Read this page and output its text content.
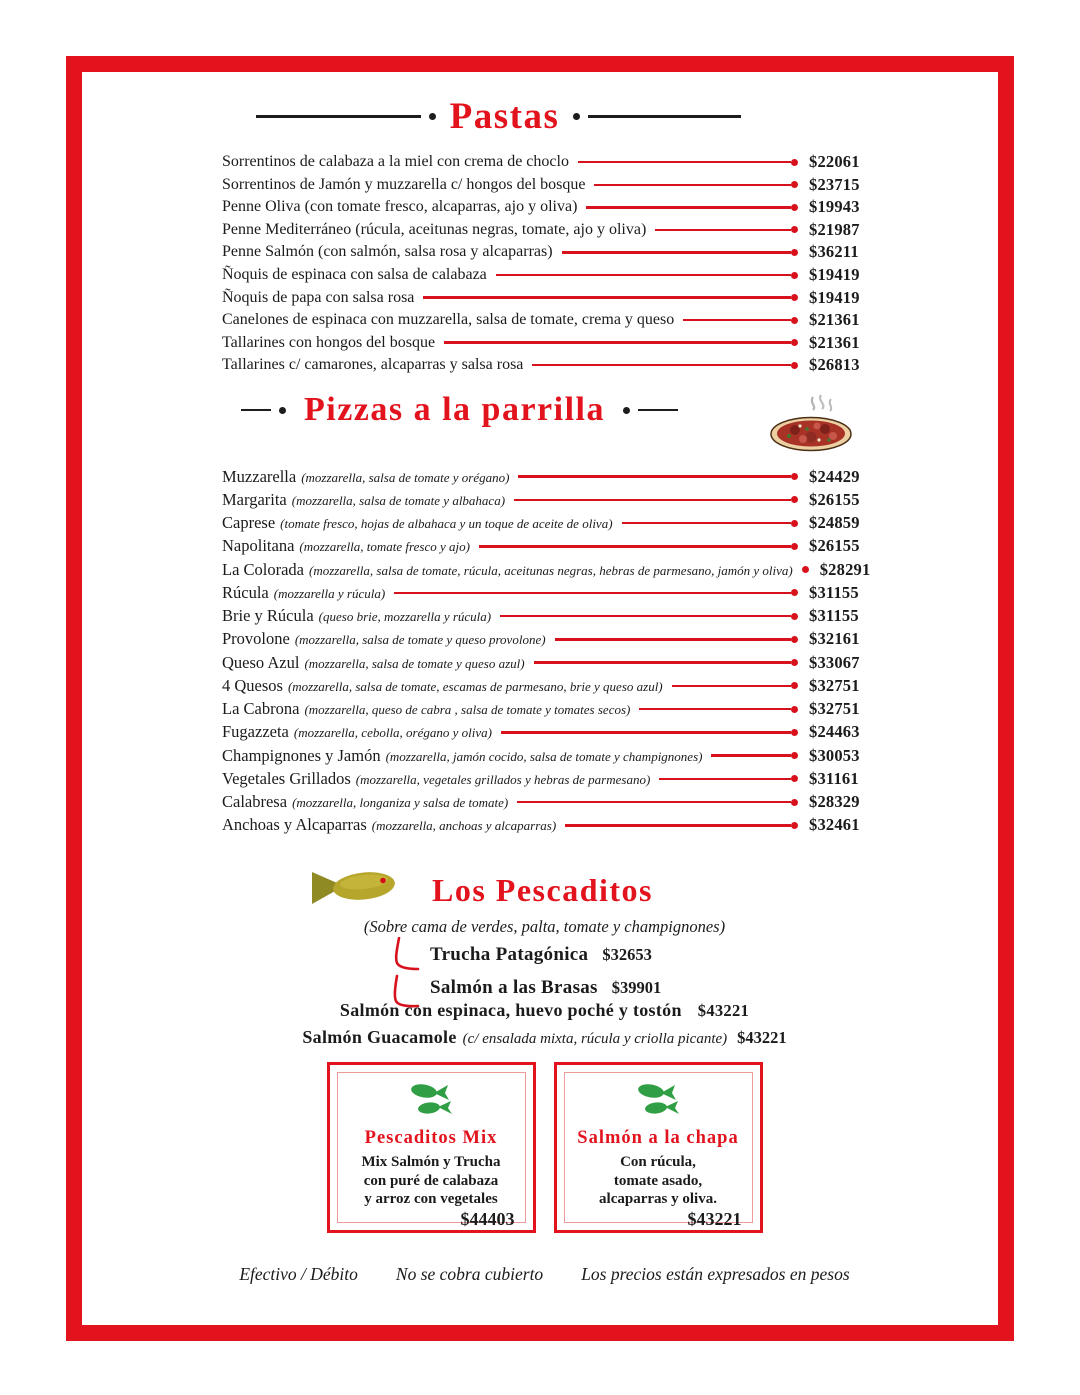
Pastas
Sorrentinos de calabaza a la miel con crema de choclo	$22061
Sorrentinos de Jamón y muzzarella c/ hongos del bosque	$23715
Penne Oliva (con tomate fresco, alcaparras, ajo y oliva)	$19943
Penne Mediterráneo (rúcula, aceitunas negras, tomate, ajo y oliva)	$21987
Penne Salmón (con salmón, salsa rosa y alcaparras)	$36211
Ñoquis de espinaca con salsa de calabaza	$19419
Ñoquis de papa con salsa rosa	$19419
Canelones de espinaca con muzzarella, salsa de tomate, crema y queso	$21361
Tallarines con hongos del bosque	$21361
Tallarines c/ camarones, alcaparras y salsa rosa	$26813
Pizzas a la parrilla
Muzzarella (mozzarella, salsa de tomate y orégano)	$24429
Margarita (mozzarella, salsa de tomate y albahaca)	$26155
Caprese (tomate fresco, hojas de albahaca y un toque de aceite de oliva)	$24859
Napolitana (mozzarella, tomate fresco y ajo)	$26155
La Colorada (mozzarella, salsa de tomate, rúcula, aceitunas negras, hebras de parmesano, jamón y oliva) $28291
Rúcula (mozzarella y rúcula)	$31155
Brie y Rúcula (queso brie, mozzarella y rúcula)	$31155
Provolone (mozzarella, salsa de tomate y queso provolone)	$32161
Queso Azul (mozzarella, salsa de tomate y queso azul)	$33067
4 Quesos (mozzarella, salsa de tomate, escamas de parmesano, brie y queso azul)	$32751
La Cabrona (mozzarella, queso de cabra , salsa de tomate y tomates secos)	$32751
Fugazzeta (mozzarella, cebolla, orégano y oliva)	$24463
Champignones y Jamón (mozzarella, jamón cocido, salsa de tomate y champignones)	$30053
Vegetales Grillados (mozzarella, vegetales grillados y hebras de parmesano)	$31161
Calabresa (mozzarella, longaniza y salsa de tomate)	$28329
Anchoas y Alcaparras (mozzarella, anchoas y alcaparras)	$32461
Los Pescaditos
(Sobre cama de verdes, palta, tomate y champignones)
Trucha Patagónica $32653
Salmón a las Brasas $39901
Salmón con espinaca, huevo poché y tostón $43221
Salmón Guacamole (c/ ensalada mixta, rúcula y criolla picante) $43221
Pescaditos Mix
Mix Salmón y Trucha
con puré de calabaza
y arroz con vegetales
$44403
Salmón a la chapa
Con rúcula,
tomate asado,
alcaparras y oliva.
$43221
Efectivo / Débito No se cobra cubierto Los precios están expresados en pesos
